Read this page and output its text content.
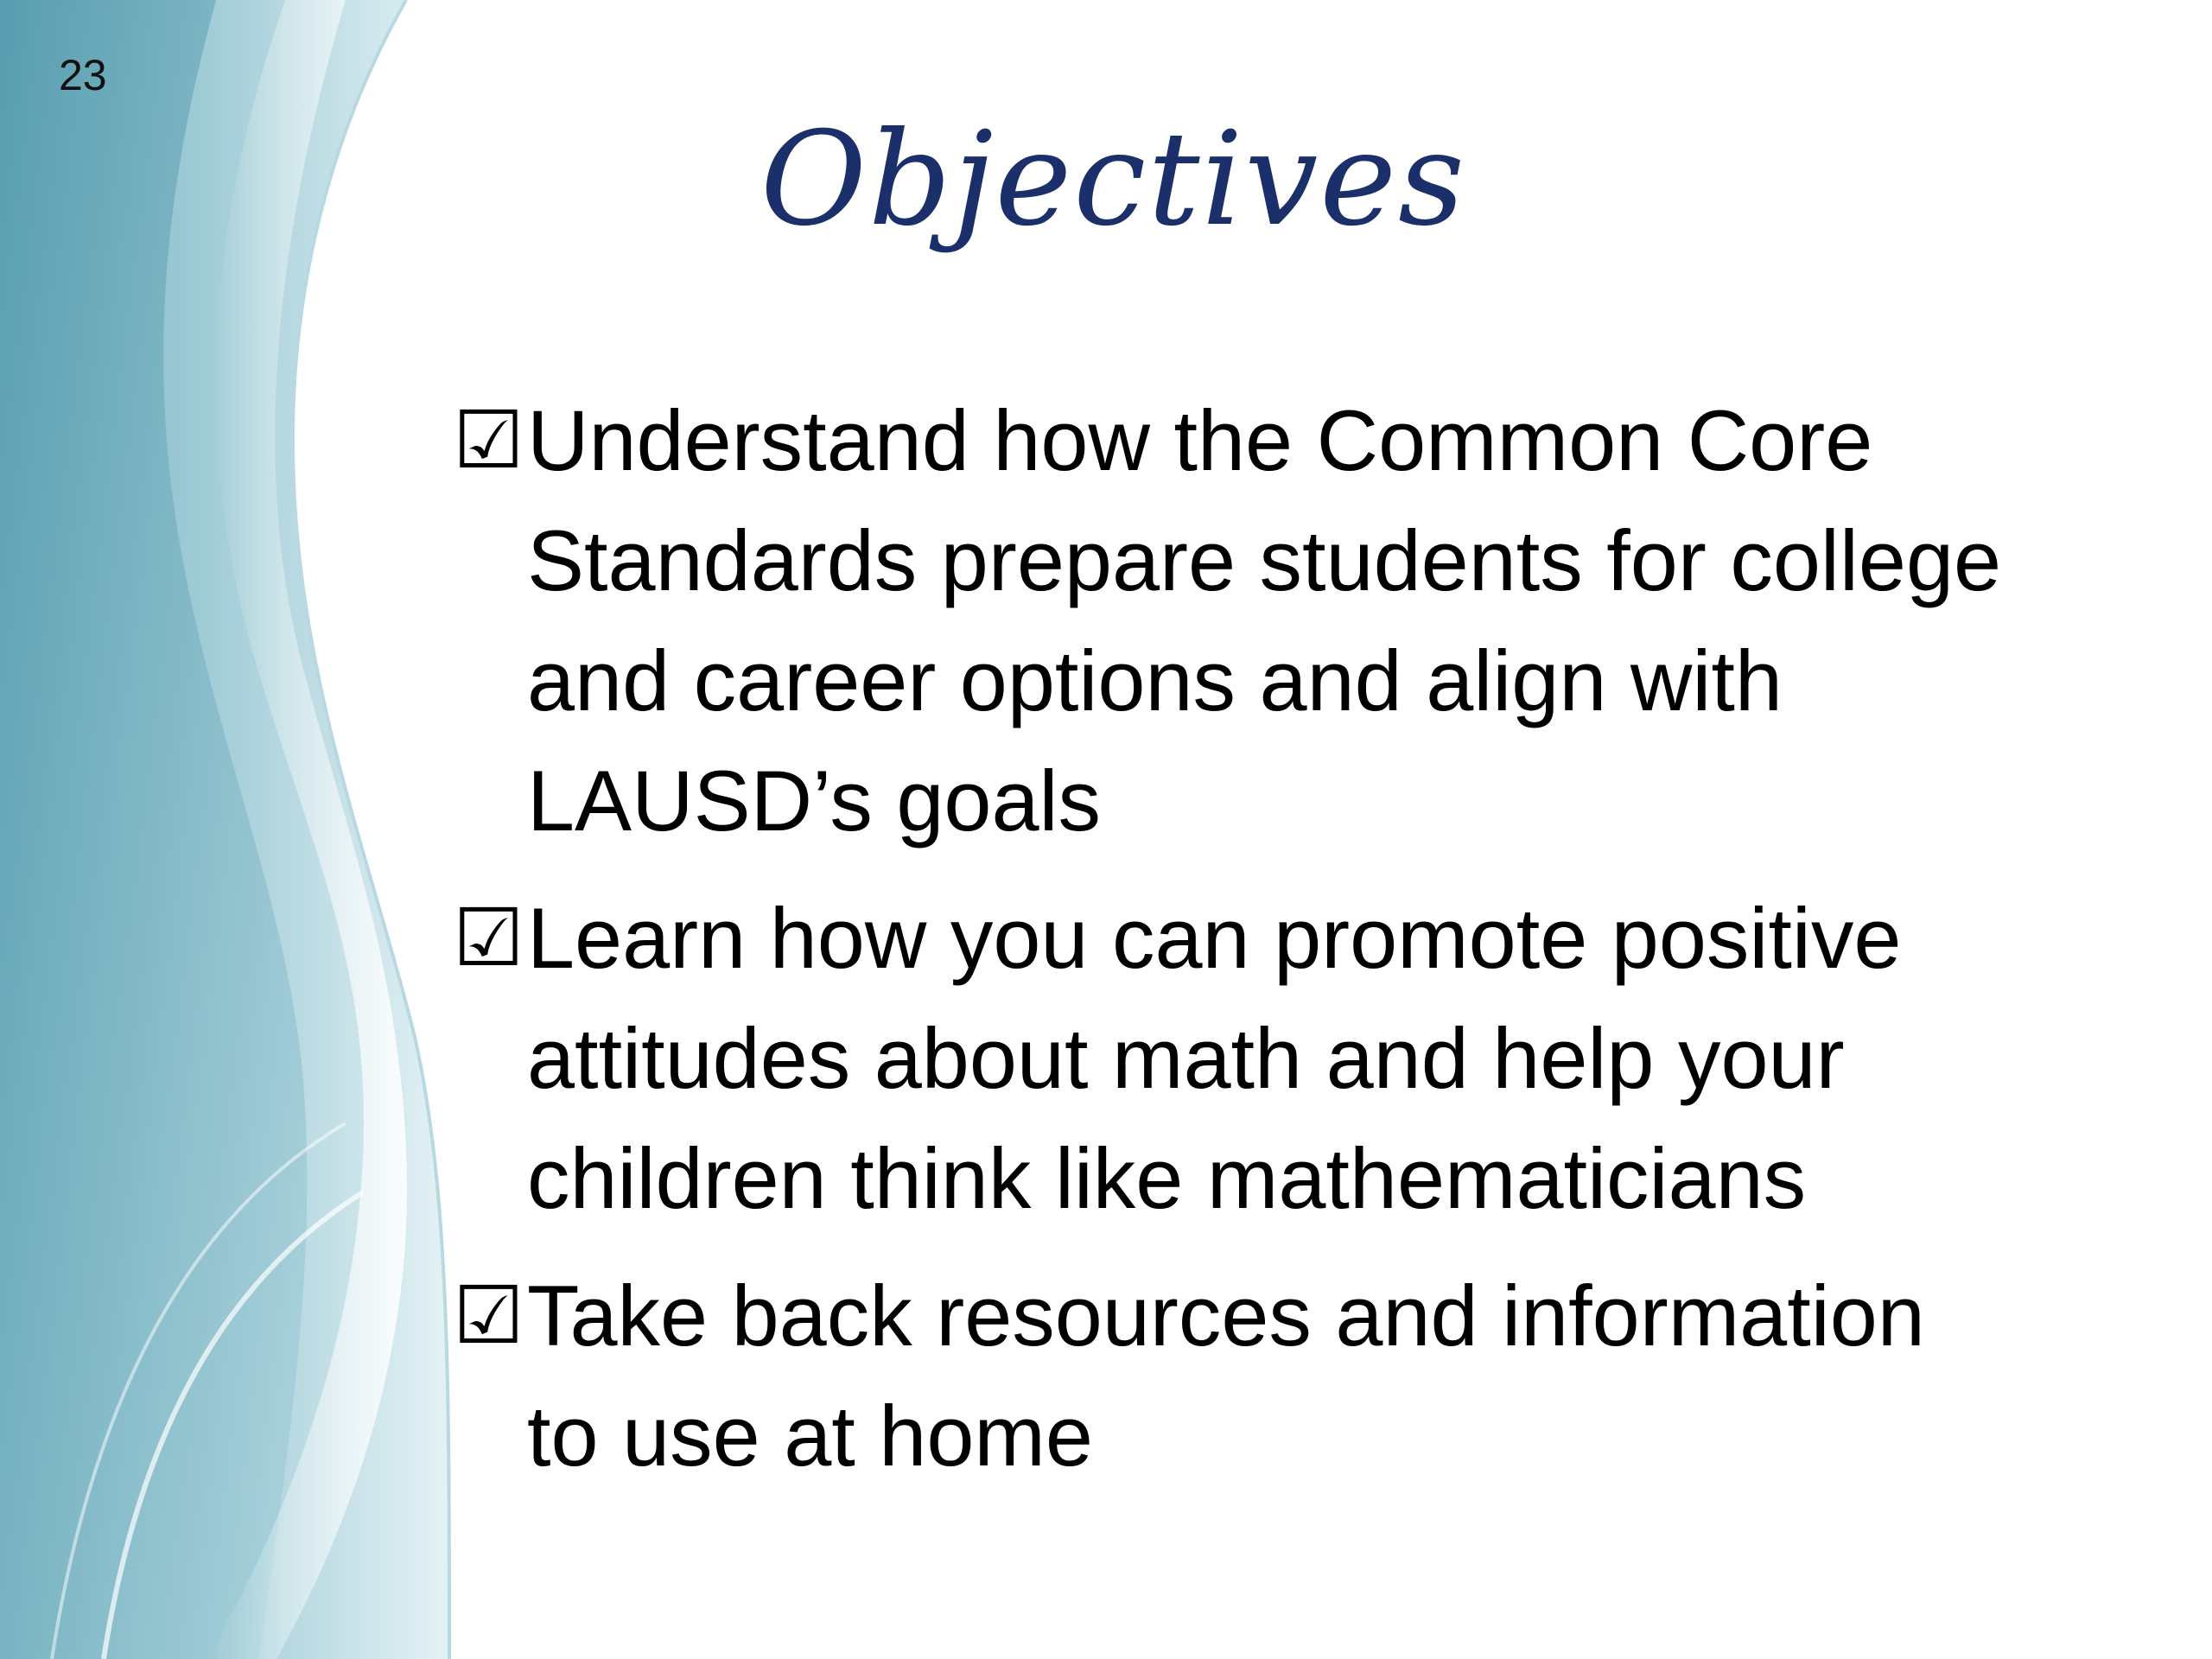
23
Objectives
☑ Understand how the Common Core
Standards prepare students for college
and career options and align with
LAUSD’s goals
☑ Learn how you can promote positive
attitudes about math and help your
children think like mathematicians
☑ Take back resources and information
to use at home
